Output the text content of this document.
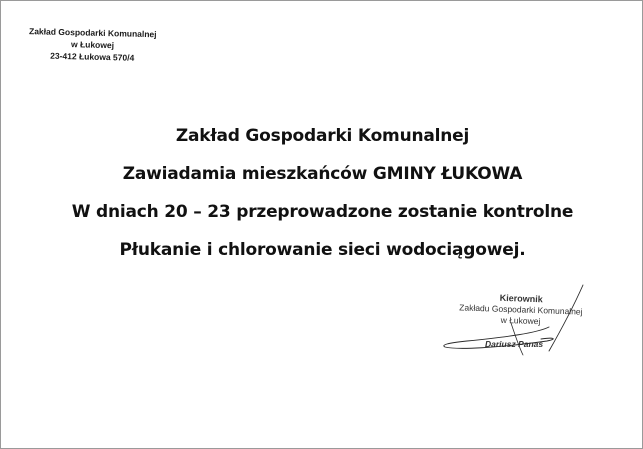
Zakład Gospodarki Komunalnej
w Łukowej
23-412 Łukowa 570/4
Zakład Gospodarki Komunalnej
Zawiadamia mieszkańców GMINY ŁUKOWA
W dniach 20 – 23 przeprowadzone zostanie kontrolne
Płukanie i chlorowanie sieci wodociągowej.
Kierownik
Zakładu Gospodarki Komunalnej
w Łukowej
Dariusz Panas
